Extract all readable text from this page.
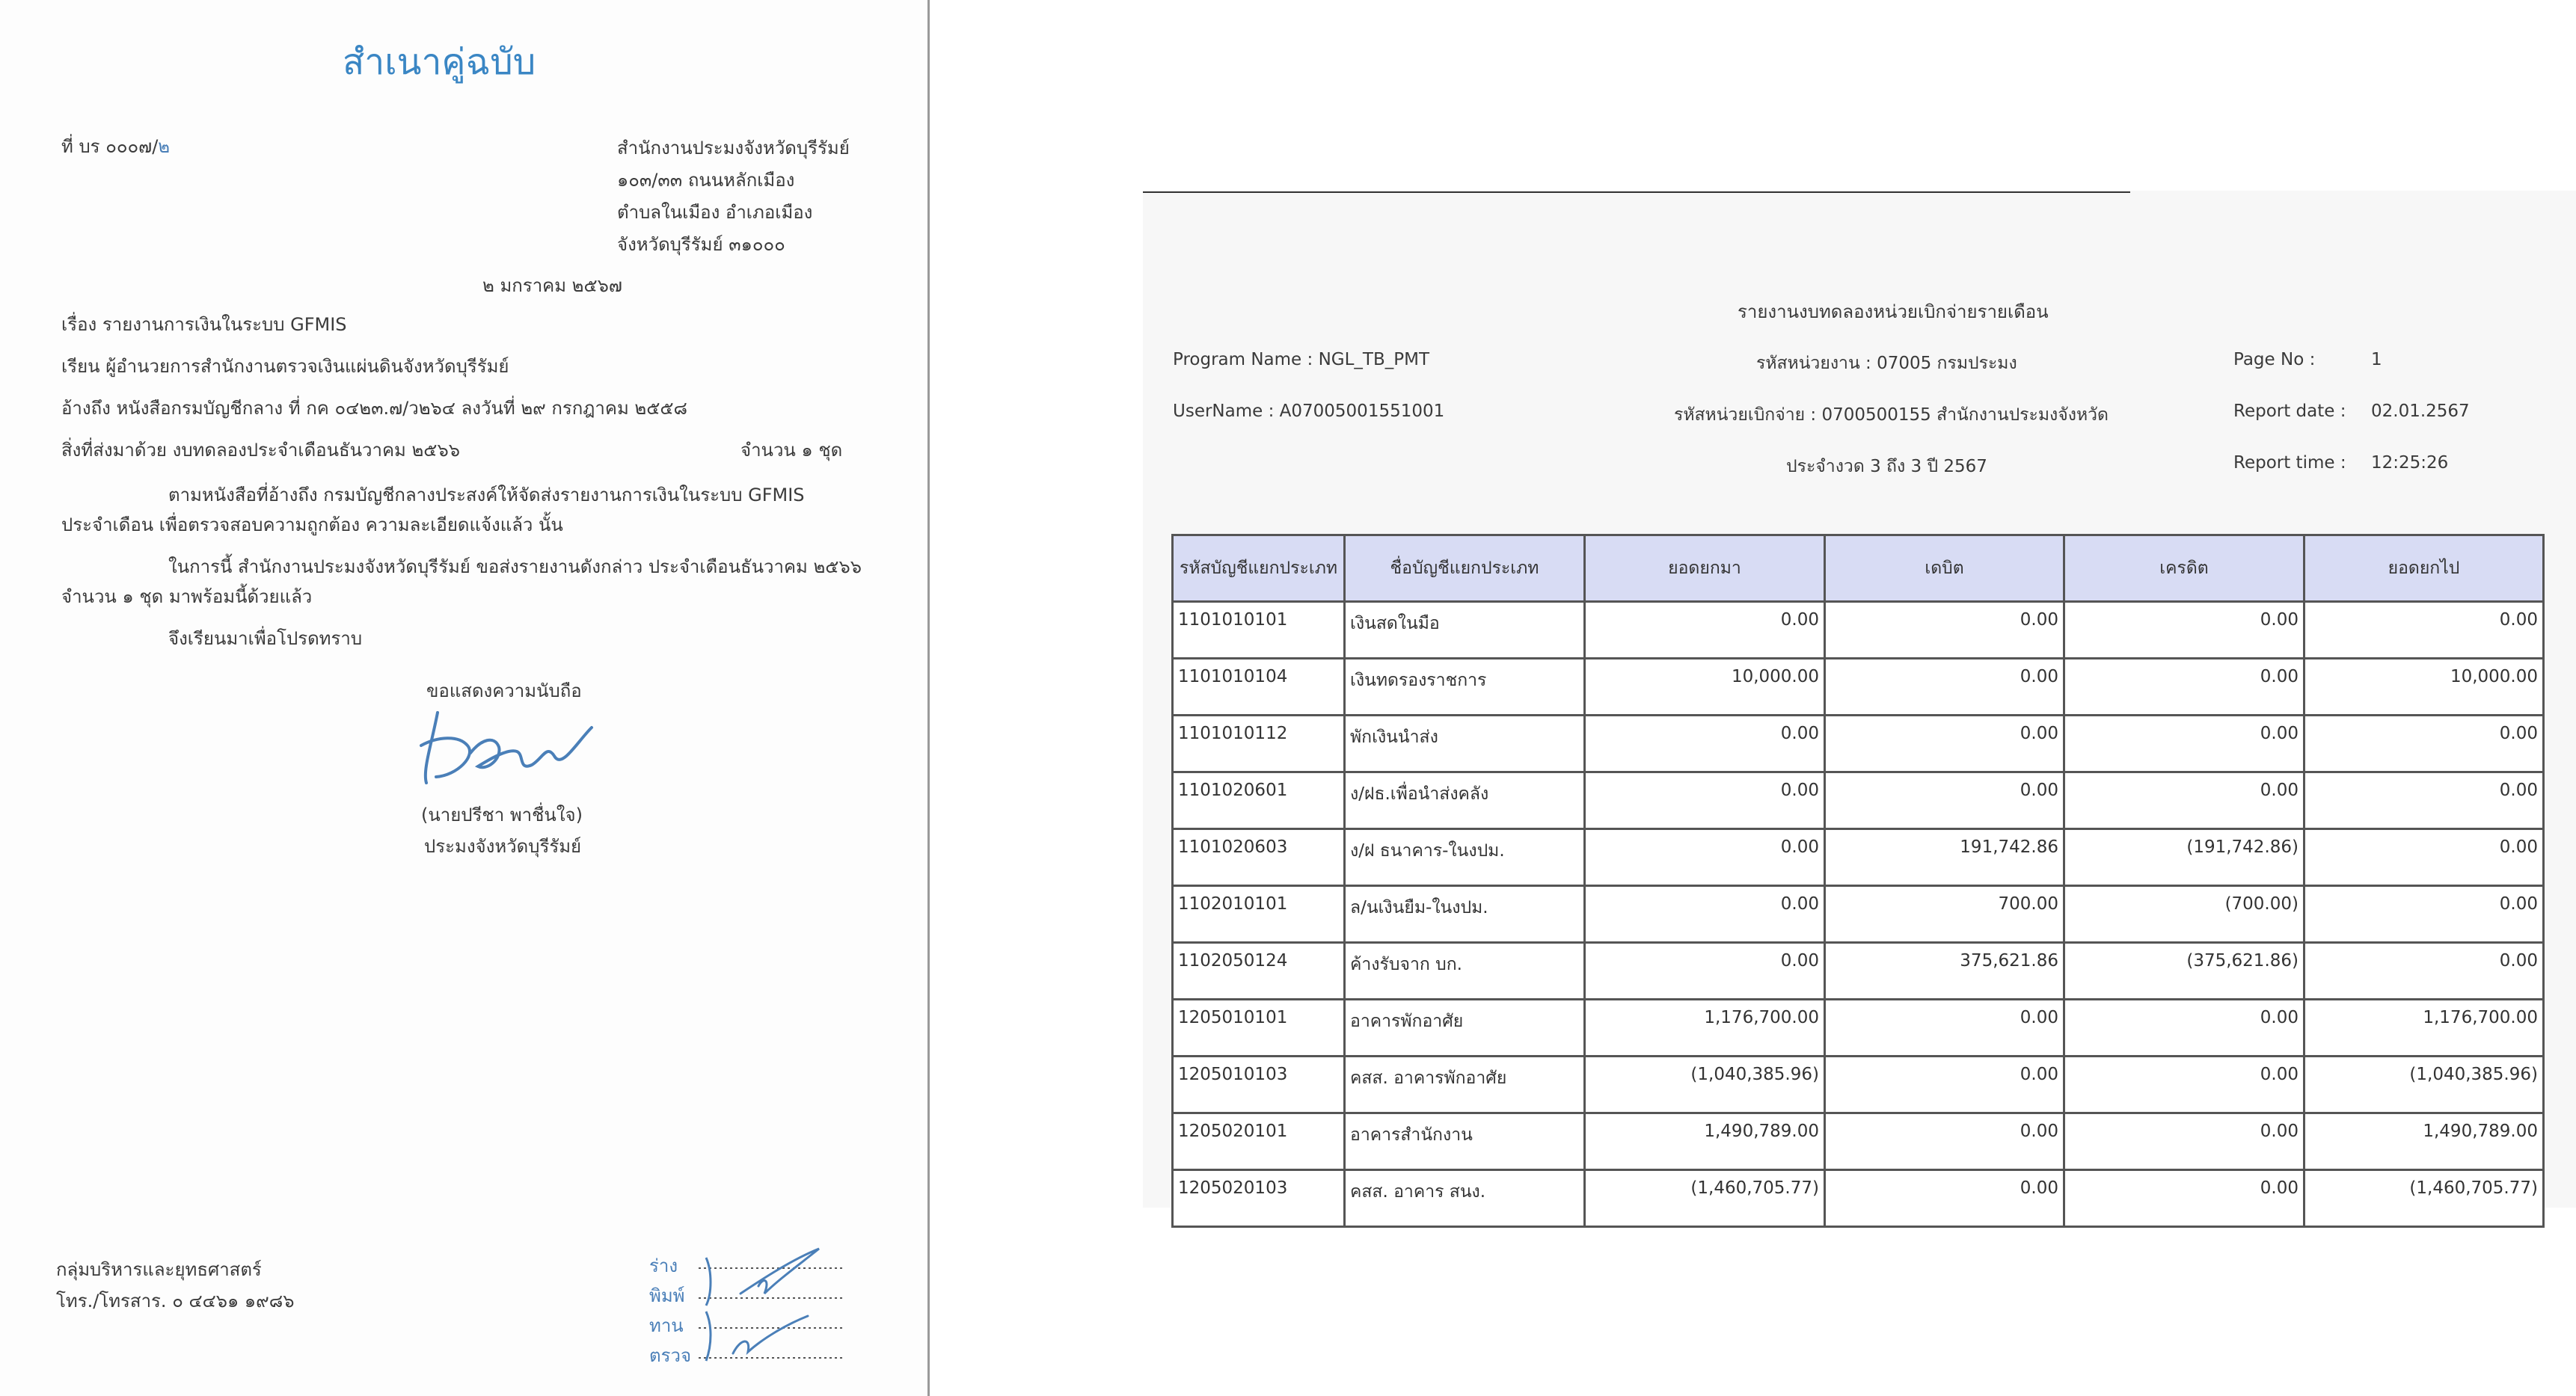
สำเนาคู่ฉบับ
ที่ บร ๐๐๐๗/๒	สำนักงานประมงจังหวัดบุรีรัมย์
๑๐๓/๓๓ ถนนหลักเมือง
ตำบลในเมือง อำเภอเมือง
จังหวัดบุรีรัมย์ ๓๑๐๐๐
๒ มกราคม ๒๕๖๗
เรื่อง รายงานการเงินในระบบ GFMIS
เรียน ผู้อำนวยการสำนักงานตรวจเงินแผ่นดินจังหวัดบุรีรัมย์
อ้างถึง หนังสือกรมบัญชีกลาง ที่ กค ๐๔๒๓.๗/ว๒๖๔ ลงวันที่ ๒๙ กรกฎาคม ๒๕๕๘
สิ่งที่ส่งมาด้วย งบทดลองประจำเดือนธันวาคม ๒๕๖๖	จำนวน ๑ ชุด
ตามหนังสือที่อ้างถึง กรมบัญชีกลางประสงค์ให้จัดส่งรายงานการเงินในระบบ GFMIS
ประจำเดือน เพื่อตรวจสอบความถูกต้อง ความละเอียดแจ้งแล้ว นั้น
ในการนี้ สำนักงานประมงจังหวัดบุรีรัมย์ ขอส่งรายงานดังกล่าว ประจำเดือนธันวาคม ๒๕๖๖
จำนวน ๑ ชุด มาพร้อมนี้ด้วยแล้ว
จึงเรียนมาเพื่อโปรดทราบ
ขอแสดงความนับถือ
(นายปรีชา พาชื่นใจ)
ประมงจังหวัดบุรีรัมย์
กลุ่มบริหารและยุทธศาสตร์
โทร./โทรสาร. ๐ ๔๔๖๑ ๑๙๘๖
ร่าง
พิมพ์
ทาน
ตรวจ
รายงานงบทดลองหน่วยเบิกจ่ายรายเดือน
Program Name : NGL_TB_PMT
UserName : A07005001551001
รหัสหน่วยงาน : 07005 กรมประมง
รหัสหน่วยเบิกจ่าย : 0700500155 สำนักงานประมงจังหวัด
ประจำงวด 3 ถึง 3 ปี 2567
Page No :	1
Report date : 02.01.2567
Report time : 12:25:26
รหัสบัญชีแยกประเภท	ชื่อบัญชีแยกประเภท	ยอดยกมา	เดบิต	เครดิต	ยอดยกไป
1101010101	เงินสดในมือ	0.00	0.00	0.00	0.00
1101010104	เงินทดรองราชการ	10,000.00	0.00	0.00	10,000.00
1101010112	พักเงินนำส่ง	0.00	0.00	0.00	0.00
1101020601	ง/ฝธ.เพื่อนำส่งคลัง	0.00	0.00	0.00	0.00
1101020603	ง/ฝ ธนาคาร-ในงปม.	0.00	191,742.86	(191,742.86)	0.00
1102010101	ล/นเงินยืม-ในงปม.	0.00	700.00	(700.00)	0.00
1102050124	ค้างรับจาก บก.	0.00	375,621.86	(375,621.86)	0.00
1205010101	อาคารพักอาศัย	1,176,700.00	0.00	0.00	1,176,700.00
1205010103	คสส. อาคารพักอาศัย	(1,040,385.96)	0.00	0.00	(1,040,385.96)
1205020101	อาคารสำนักงาน	1,490,789.00	0.00	0.00	1,490,789.00
1205020103	คสส. อาคาร สนง.	(1,460,705.77)	0.00	0.00	(1,460,705.77)
